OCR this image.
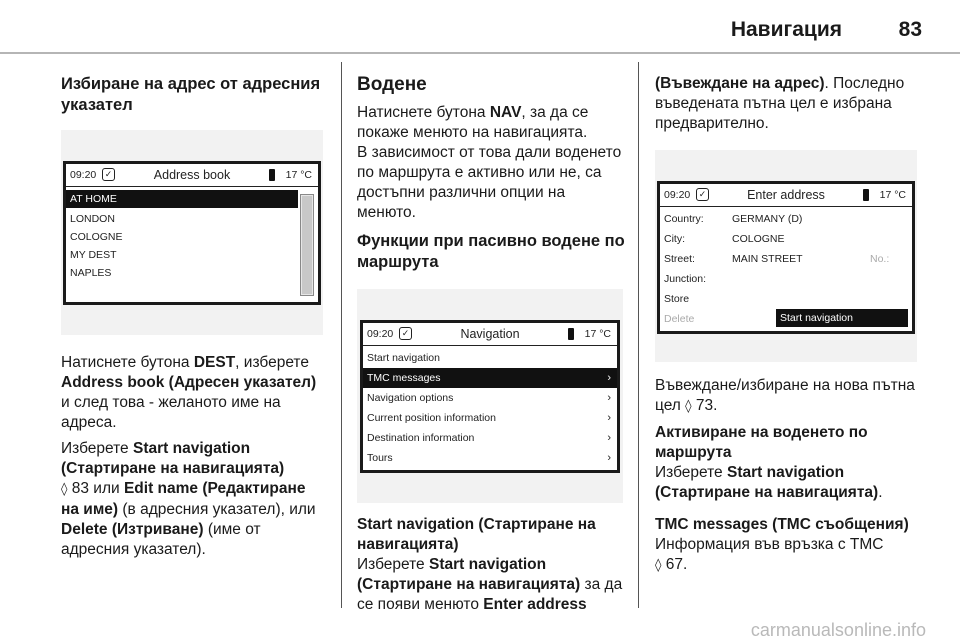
Навигация	83

Избиране на адрес от адресния указател

09:20 ✓	Address book	17 °C
AT HOME
LONDON
COLOGNE
MY DEST
NAPLES

Натиснете бутона DEST, изберете Address book (Адресен указател) и след това - желаното име на адреса.

Изберете Start navigation (Стартиране на навигацията)
◊ 83 или Edit name (Редактиране на име) (в адресния указател), или Delete (Изтриване) (име от адресния указател).

Водене

Натиснете бутона NAV, за да се покаже менюто на навигацията.

В зависимост от това дали воденето по маршрута е активно или не, са достъпни различни опции на менюто.

Функции при пасивно водене по маршрута

09:20 ✓	Navigation	17 °C
Start navigation
TMC messages	›
Navigation options	›
Current position information	›
Destination information	›
Tours	›

Start navigation (Стартиране на навигацията)

Изберете Start navigation (Стартиране на навигацията) за да се появи менюто Enter address

(Въвеждане на адрес). Последно въведената пътна цел е избрана предварително.

09:20 ✓	Enter address	17 °C
Country:	GERMANY (D)
City:	COLOGNE
Street:	MAIN STREET	No.:
Junction:
Store
Delete	Start navigation

Въвеждане/избиране на нова пътна цел ◊ 73.

Активиране на воденето по маршрута

Изберете Start navigation (Стартиране на навигацията).

TMC messages (TMC съобщения)

Информация във връзка с TMC
◊ 67.

carmanualsonline.info
